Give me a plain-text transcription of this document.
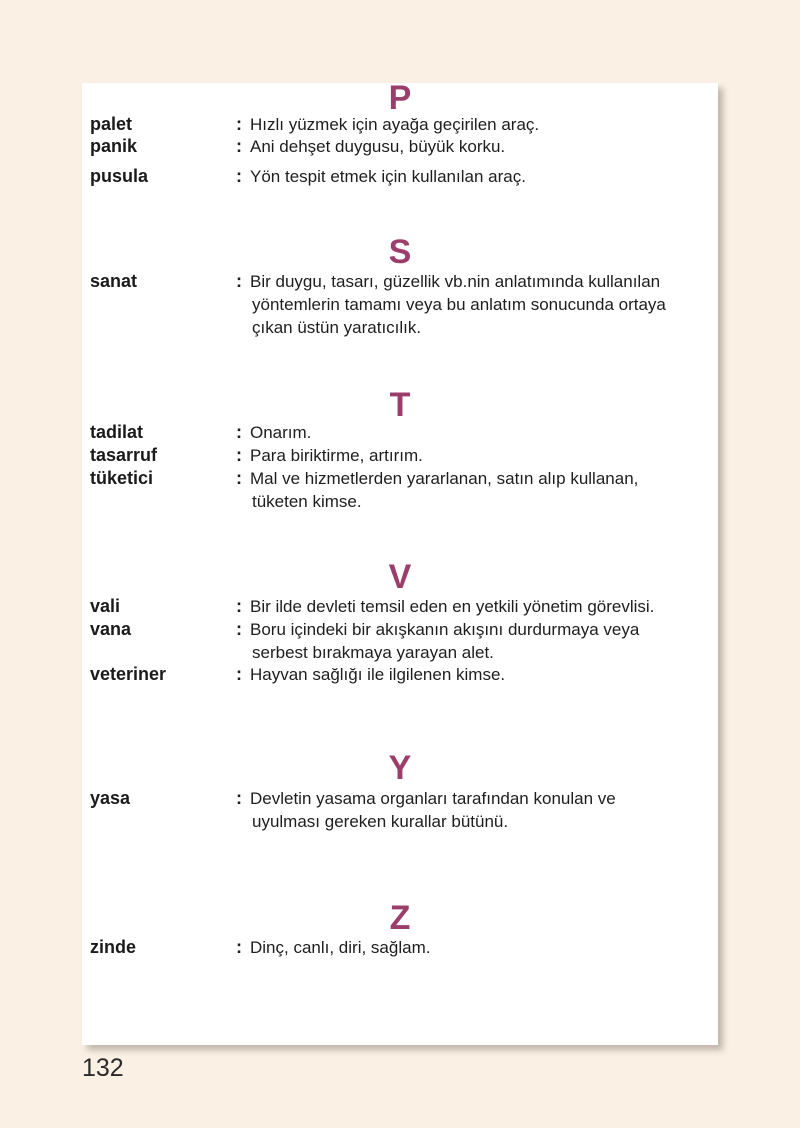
P
palet	: Hızlı yüzmek için ayağa geçirilen araç.
panik	: Ani dehşet duygusu, büyük korku.
pusula	: Yön tespit etmek için kullanılan araç.
S
sanat	: Bir duygu, tasarı, güzellik vb.nin anlatımında kullanılan
yöntemlerin tamamı veya bu anlatım sonucunda ortaya
çıkan üstün yaratıcılık.
T
tadilat	: Onarım.
tasarruf	: Para biriktirme, artırım.
tüketici	: Mal ve hizmetlerden yararlanan, satın alıp kullanan,
tüketen kimse.
V
vali	: Bir ilde devleti temsil eden en yetkili yönetim görevlisi.
vana	: Boru içindeki bir akışkanın akışını durdurmaya veya
serbest bırakmaya yarayan alet.
veteriner	: Hayvan sağlığı ile ilgilenen kimse.
Y
yasa	: Devletin yasama organları tarafından konulan ve
uyulması gereken kurallar bütünü.
Z
zinde	: Dinç, canlı, diri, sağlam.
132
